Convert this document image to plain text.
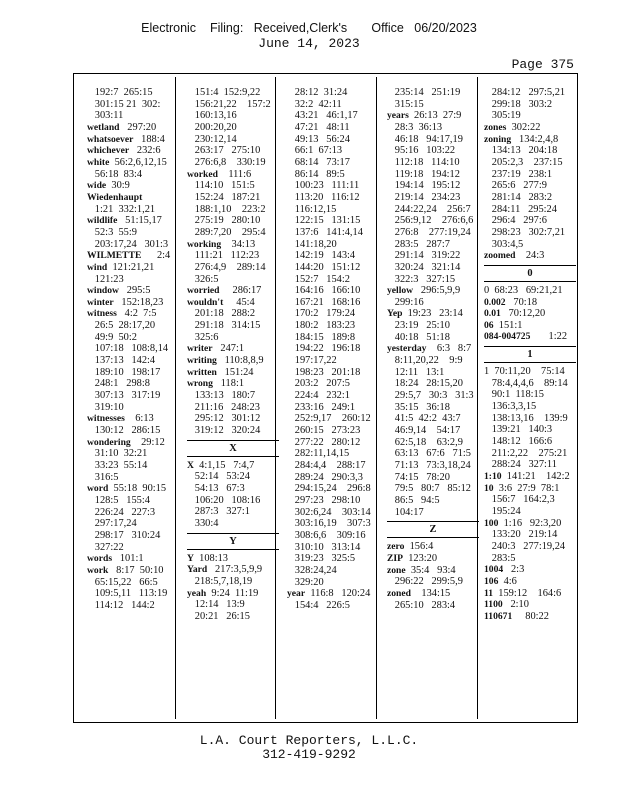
Electronic    Filing:   Received,Clerk's       Office   06/20/2023
June 14, 2023
Page 375
192:7  265:15
301:15 21  302:
303:11
wetland   297:20
whatsoever   188:4
whichever   232:6
white  56:2,6,12,15
56:18  83:4
wide  30:9
Wiedenhaupt
1:21  332:1,21
wildlife   51:15,17
52:3  55:9
203:17,24   301:3
WILMETTE      2:4
wind  121:21,21
121:23
window   295:5
winter   152:18,23
witness   4:2  7:5
26:5  28:17,20
49:9  50:2
107:18   108:8,14
137:13   142:4
189:10   198:17
248:1   298:8
307:13   317:19
319:10
witnesses    6:13
130:12   286:15
wondering    29:12
31:10  32:21
33:23  55:14
316:5
word  55:18  90:15
128:5   155:4
226:24   227:3
297:17,24
298:17   310:24
327:22
words   101:1
work   8:17  50:10
65:15,22   66:5
109:5,11   113:19
114:12   144:2
151:4  152:9,22
156:21,22    157:2
160:13,16
200:20,20
230:12,14
263:17   275:10
276:6,8    330:19
worked    111:6
114:10   151:5
152:24   187:21
188:1,10    223:2
275:19   280:10
289:7,20    295:4
working    34:13
111:21   112:23
276:4,9    289:14
326:5
worried     286:17
wouldn't     45:4
201:18   288:2
291:18   314:15
325:6
writer   247:1
writing   110:8,8,9
written   151:24
wrong   118:1
133:13   180:7
211:16   248:23
295:12   301:12
319:12   320:24
X
X  4:1,15   7:4,7
52:14   53:24
54:13   67:3
106:20   108:16
287:3   327:1
330:4
Y
Y  108:13
Yard   217:3,5,9,9
218:5,7,18,19
yeah  9:24  11:19
12:14   13:9
20:21   26:15
28:12  31:24
32:2  42:11
43:21   46:1,17
47:21   48:11
49:13   56:24
66:1  67:13
68:14   73:17
86:14   89:5
100:23   111:11
113:20   116:12
116:12,15
122:15   131:15
137:6   141:4,14
141:18,20
142:19   143:4
144:20   151:12
152:7   154:2
164:16   166:10
167:21   168:16
170:2   179:24
180:2   183:23
184:15   189:8
194:22   196:18
197:17,22
198:23   201:18
203:2   207:5
224:4   232:1
233:16   249:1
252:9,17    260:12
260:15   273:23
277:22   280:12
282:11,14,15
284:4,4    288:17
289:24   290:3,3
294:15,24    296:8
297:23   298:10
302:6,24    303:14
303:16,19    307:3
308:6,6    309:16
310:10   313:14
319:23   325:5
328:24,24
329:20
year  116:8   120:24
154:4   226:5
235:14   251:19
315:15
years  26:13  27:9
28:3  36:13
46:18   94:17,19
95:16   103:22
112:18   114:10
119:18   194:12
194:14   195:12
219:14   234:23
244:22,24    256:7
256:9,12    276:6,6
276:8    277:19,24
283:5   287:7
291:14   319:22
320:24   321:14
322:3   327:15
yellow   296:5,9,9
299:16
Yep  19:23   23:14
23:19   25:10
40:18   51:18
yesterday    6:3   8:7
8:11,20,22    9:9
12:11   13:1
18:24   28:15,20
29:5,7   30:3   31:3
35:15   36:18
41:5  42:2  43:7
46:9,14    54:17
62:5,18    63:2,9
63:13   67:6   71:5
71:13   73:3,18,24
74:15   78:20
79:5   80:7   85:12
86:5   94:5
104:17
Z
zero  156:4
ZIP  123:20
zone  35:4   93:4
296:22   299:5,9
zoned    134:15
265:10   283:4
284:12   297:5,21
299:18   303:2
305:19
zones  302:22
zoning   134:2,4,8
134:13   204:18
205:2,3    237:15
237:19   238:1
265:6   277:9
281:14   283:2
284:11   295:24
296:4   297:6
298:23   302:7,21
303:4,5
zoomed    24:3
0
0  68:23   69:21,21
0.002   70:18
0.01   70:12,20
06  151:1
084-004725       1:22
1
1  70:11,20    75:14
78:4,4,4,6    89:14
90:1  118:15
136:3,3,15
138:13,16    139:9
139:21   140:3
148:12   166:6
211:2,22    275:21
288:24   327:11
1:10  141:21    142:2
10  3:6  27:9  78:1
156:7   164:2,3
195:24
100  1:16   92:3,20
133:20   219:14
240:3   277:19,24
283:5
1004   2:3
106  4:6
11  159:12    164:6
1100   2:10
110671     80:22
L.A. Court Reporters, L.L.C.
312-419-9292
